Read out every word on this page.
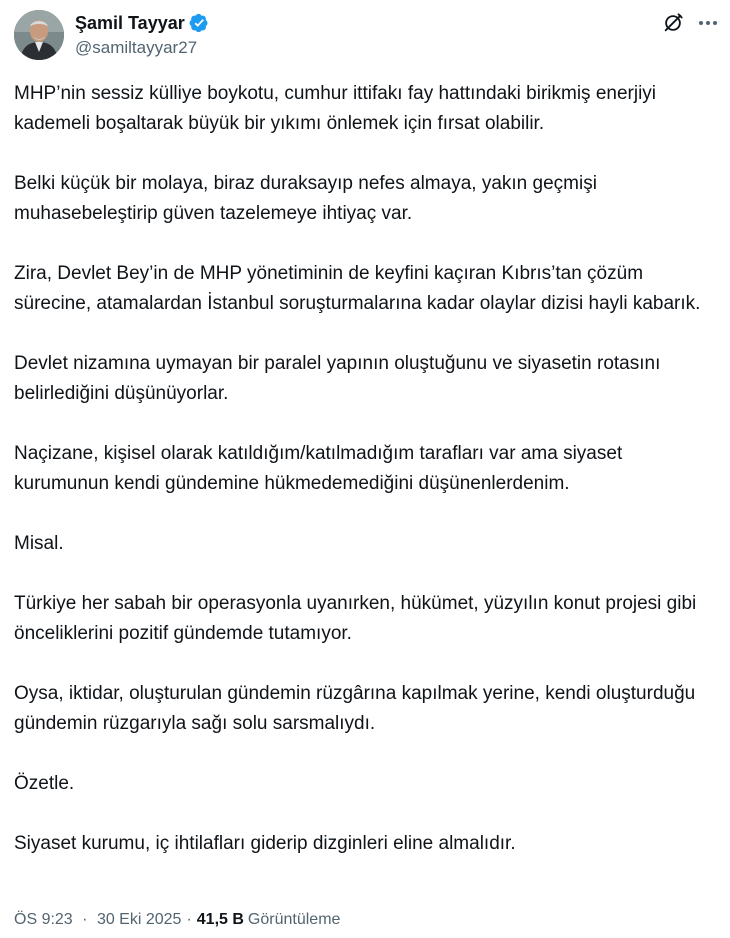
Şamil Tayyar
@samiltayyar27

MHP’nin sessiz külliye boykotu, cumhur ittifakı fay hattındaki birikmiş enerjiyi kademeli boşaltarak büyük bir yıkımı önlemek için fırsat olabilir.

Belki küçük bir molaya, biraz duraksayıp nefes almaya, yakın geçmişi muhasebeleştirip güven tazelemeye ihtiyaç var.

Zira, Devlet Bey’in de MHP yönetiminin de keyfini kaçıran Kıbrıs’tan çözüm sürecine, atamalardan İstanbul soruşturmalarına kadar olaylar dizisi hayli kabarık.

Devlet nizamına uymayan bir paralel yapının oluştuğunu ve siyasetin rotasını belirlediğini düşünüyorlar.

Naçizane, kişisel olarak katıldığım/katılmadığım tarafları var ama siyaset kurumunun kendi gündemine hükmedemediğini düşünenlerdenim.

Misal.

Türkiye her sabah bir operasyonla uyanırken, hükümet, yüzyılın konut projesi gibi önceliklerini pozitif gündemde tutamıyor.

Oysa, iktidar, oluşturulan gündemin rüzgârına kapılmak yerine, kendi oluşturduğu gündemin rüzgarıyla sağı solu sarsmalıydı.

Özetle.

Siyaset kurumu, iç ihtilafları giderip dizginleri eline almalıdır.

ÖS 9:23 · 30 Eki 2025 · 41,5 B Görüntüleme
